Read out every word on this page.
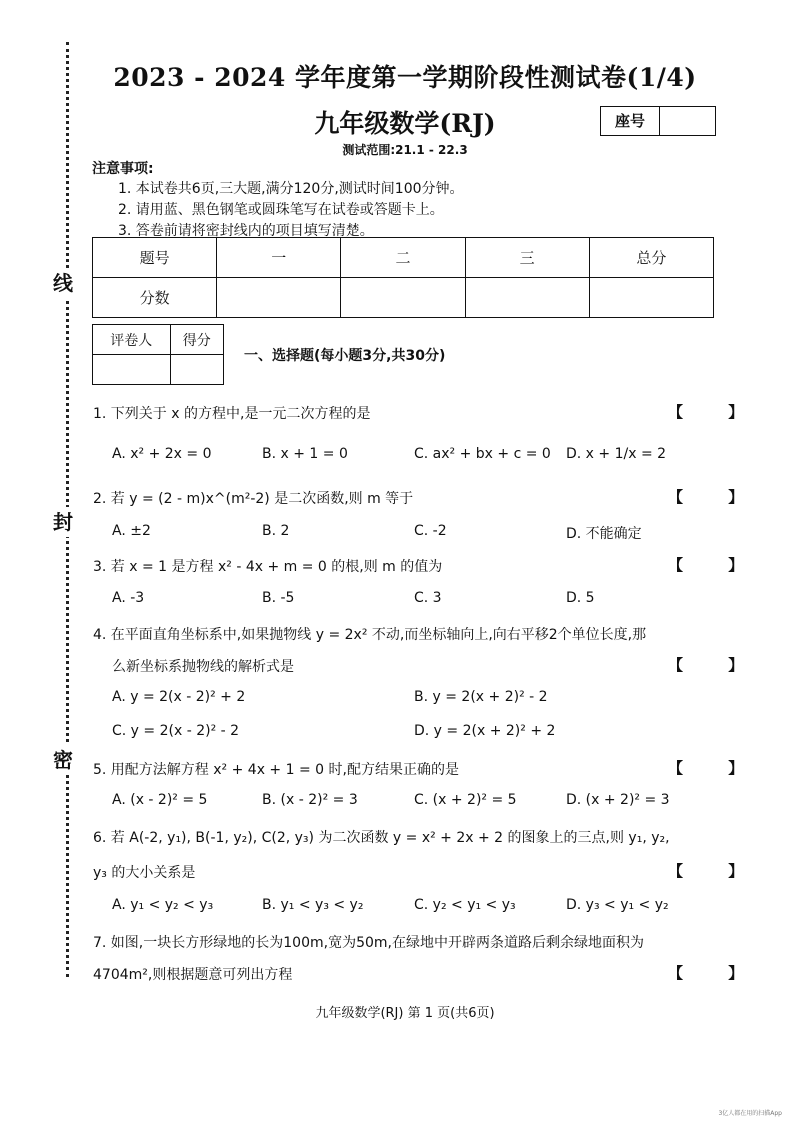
线
封
密
2023 - 2024 学年度第一学期阶段性测试卷(1/4)
九年级数学(RJ)	座号
测试范围:21.1 - 22.3
注意事项:
1. 本试卷共6页,三大题,满分120分,测试时间100分钟。
2. 请用蓝、黑色钢笔或圆珠笔写在试卷或答题卡上。
3. 答卷前请将密封线内的项目填写清楚。
题号	一	二	三	总分
分数				
评卷人	得分

一、选择题(每小题3分,共30分)
1. 下列关于 x 的方程中,是一元二次方程的是	【 】
A. x² + 2x = 0	B. x + 1 = 0	C. ax² + bx + c = 0 D. x + 1/x = 2
2. 若 y = (2 - m)x^(m²-2) 是二次函数,则 m 等于	【 】
A. ±2	B. 2	C. -2	D. 不能确定
3. 若 x = 1 是方程 x² - 4x + m = 0 的根,则 m 的值为	【 】
A. -3	B. -5	C. 3	D. 5
4. 在平面直角坐标系中,如果抛物线 y = 2x² 不动,而坐标轴向上,向右平移2个单位长度,那
么新坐标系抛物线的解析式是	【 】
A. y = 2(x - 2)² + 2	B. y = 2(x + 2)² - 2
C. y = 2(x - 2)² - 2	D. y = 2(x + 2)² + 2
5. 用配方法解方程 x² + 4x + 1 = 0 时,配方结果正确的是	【 】
A. (x - 2)² = 5	B. (x - 2)² = 3	C. (x + 2)² = 5	D. (x + 2)² = 3
6. 若 A(-2, y₁), B(-1, y₂), C(2, y₃) 为二次函数 y = x² + 2x + 2 的图象上的三点,则 y₁, y₂,
y₃ 的大小关系是	【 】
A. y₁ < y₂ < y₃	B. y₁ < y₃ < y₂	C. y₂ < y₁ < y₃	D. y₃ < y₁ < y₂
7. 如图,一块长方形绿地的长为100m,宽为50m,在绿地中开辟两条道路后剩余绿地面积为
4704m²,则根据题意可列出方程	【 】
九年级数学(RJ) 第 1 页(共6页)
3亿人都在用的扫描App
